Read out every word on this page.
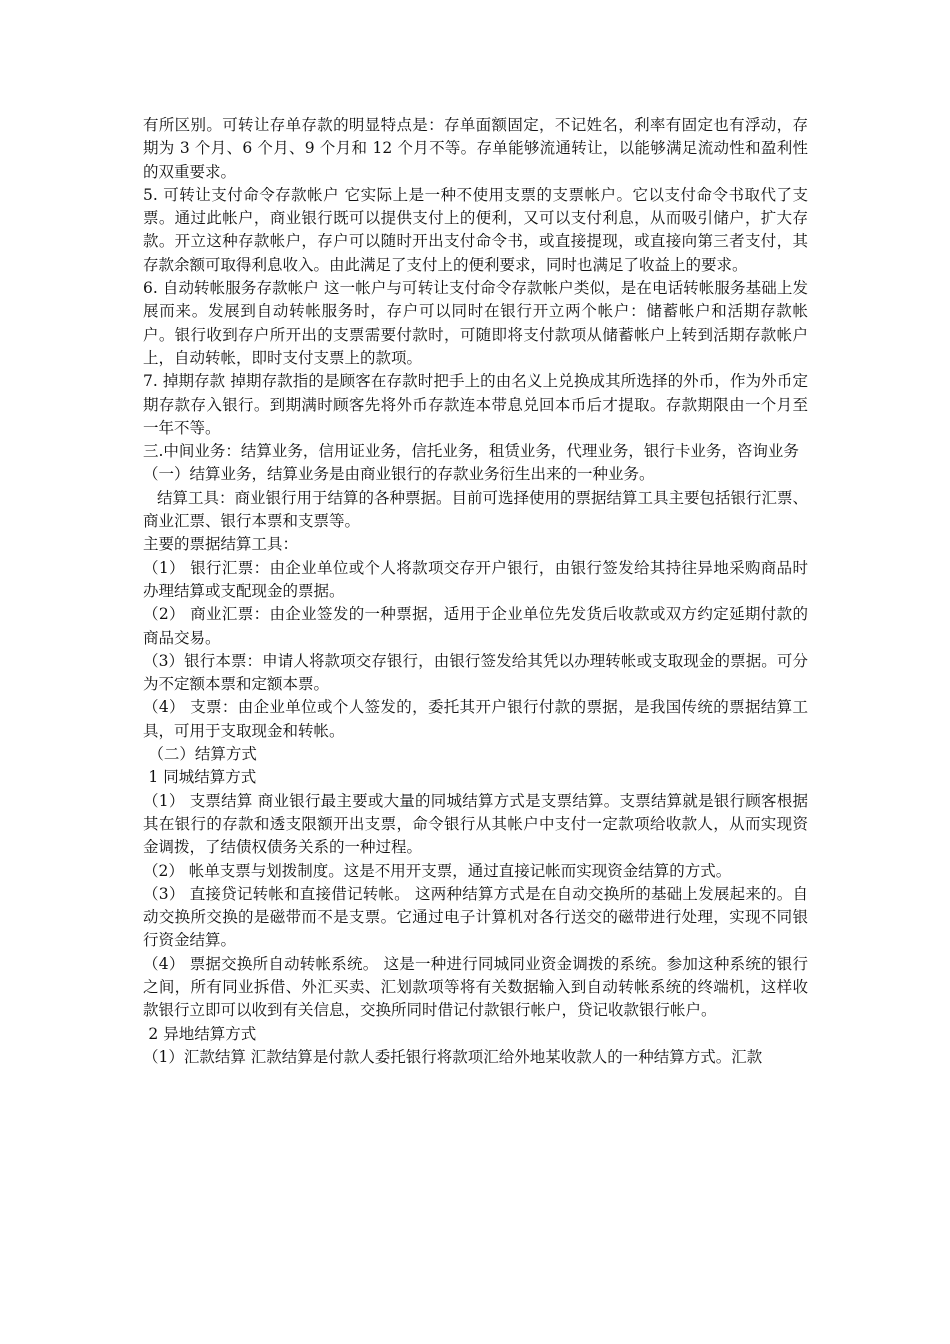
有所区别。可转让存单存款的明显特点是：存单面额固定，不记姓名，利率有固定也有浮动，存期为 3 个月、6 个月、9 个月和 12 个月不等。存单能够流通转让，以能够满足流动性和盈利性的双重要求。

5. 可转让支付命令存款帐户 它实际上是一种不使用支票的支票帐户。它以支付命令书取代了支票。通过此帐户，商业银行既可以提供支付上的便利，又可以支付利息，从而吸引储户，扩大存款。开立这种存款帐户，存户可以随时开出支付命令书，或直接提现，或直接向第三者支付，其存款余额可取得利息收入。由此满足了支付上的便利要求，同时也满足了收益上的要求。

6. 自动转帐服务存款帐户 这一帐户与可转让支付命令存款帐户类似，是在电话转帐服务基础上发展而来。发展到自动转帐服务时，存户可以同时在银行开立两个帐户：储蓄帐户和活期存款帐户。银行收到存户所开出的支票需要付款时，可随即将支付款项从储蓄帐户上转到活期存款帐户上，自动转帐，即时支付支票上的款项。

7. 掉期存款 掉期存款指的是顾客在存款时把手上的由名义上兑换成其所选择的外币，作为外币定期存款存入银行。到期满时顾客先将外币存款连本带息兑回本币后才提取。存款期限由一个月至一年不等。

三.中间业务：结算业务，信用证业务，信托业务，租赁业务，代理业务，银行卡业务，咨询业务

（一）结算业务，结算业务是由商业银行的存款业务衍生出来的一种业务。

结算工具：商业银行用于结算的各种票据。目前可选择使用的票据结算工具主要包括银行汇票、商业汇票、银行本票和支票等。

主要的票据结算工具：

（1） 银行汇票：由企业单位或个人将款项交存开户银行，由银行签发给其持往异地采购商品时办理结算或支配现金的票据。

（2） 商业汇票：由企业签发的一种票据，适用于企业单位先发货后收款或双方约定延期付款的商品交易。

（3）银行本票：申请人将款项交存银行，由银行签发给其凭以办理转帐或支取现金的票据。可分为不定额本票和定额本票。

（4） 支票：由企业单位或个人签发的，委托其开户银行付款的票据，是我国传统的票据结算工具，可用于支取现金和转帐。

（二）结算方式

1 同城结算方式

（1） 支票结算 商业银行最主要或大量的同城结算方式是支票结算。支票结算就是银行顾客根据其在银行的存款和透支限额开出支票，命令银行从其帐户中支付一定款项给收款人，从而实现资金调拨，了结债权债务关系的一种过程。

（2） 帐单支票与划拨制度。这是不用开支票，通过直接记帐而实现资金结算的方式。

（3） 直接贷记转帐和直接借记转帐。 这两种结算方式是在自动交换所的基础上发展起来的。自动交换所交换的是磁带而不是支票。它通过电子计算机对各行送交的磁带进行处理，实现不同银行资金结算。

（4） 票据交换所自动转帐系统。 这是一种进行同城同业资金调拨的系统。参加这种系统的银行之间，所有同业拆借、外汇买卖、汇划款项等将有关数据输入到自动转帐系统的终端机，这样收款银行立即可以收到有关信息，交换所同时借记付款银行帐户，贷记收款银行帐户。

2 异地结算方式

（1）汇款结算 汇款结算是付款人委托银行将款项汇给外地某收款人的一种结算方式。汇款
